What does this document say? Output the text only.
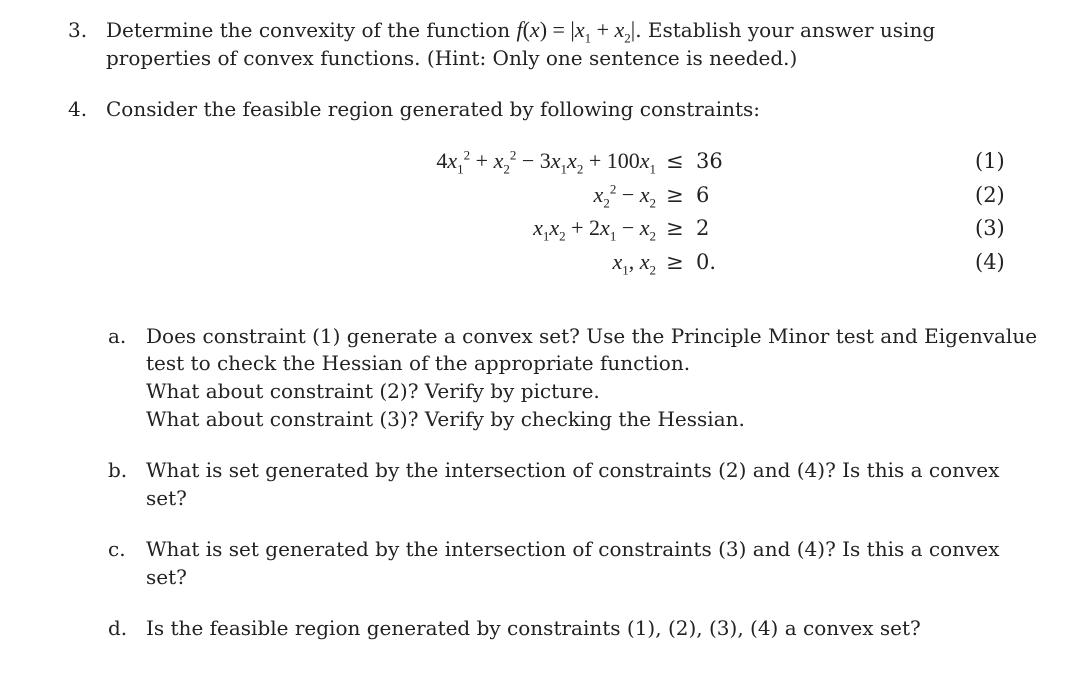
3. Determine the convexity of the function $f(x) = |x_1 + x_2|$. Establish your answer using
properties of convex functions. (Hint: Only one sentence is needed.)
4. Consider the feasible region generated by following constraints:
$4x_1^2 + x_2^2 - 3x_1x_2 + 100x_1 \le 36$	(1)
$x_2^2 - x_2 \ge 6$	(2)
$x_1x_2 + 2x_1 - x_2 \ge 2$	(3)
$x_1$, $x_2 \ge 0$.	(4)
a. Does constraint (1) generate a convex set? Use the Principle Minor test and Eigenvalue
test to check the Hessian of the appropriate function.
What about constraint (2)? Verify by picture.
What about constraint (3)? Verify by checking the Hessian.
b. What is set generated by the intersection of constraints (2) and (4)? Is this a convex
set?
c. What is set generated by the intersection of constraints (3) and (4)? Is this a convex
set?
d. Is the feasible region generated by constraints (1), (2), (3), (4) a convex set?
